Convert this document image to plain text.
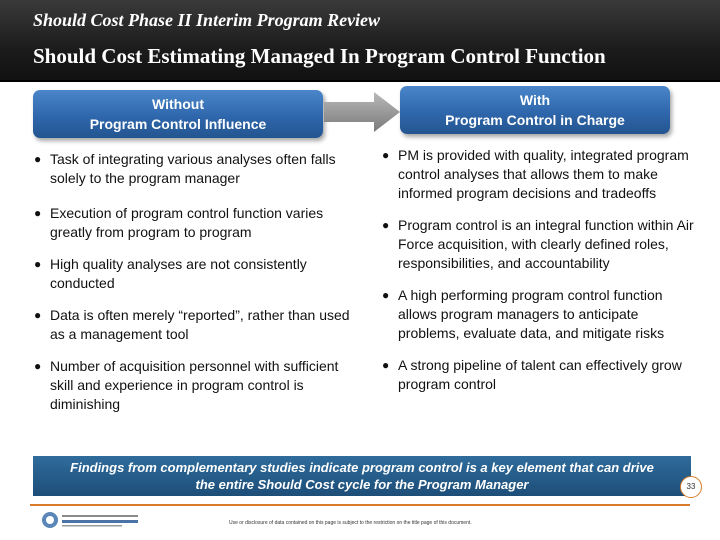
Should Cost Phase II Interim Program Review
Should Cost Estimating Managed In Program Control Function
Without
Program Control Influence
With
Program Control in Charge
● Task of integrating various analyses often falls solely to the program manager
● Execution of program control function varies greatly from program to program
● High quality analyses are not consistently conducted
● Data is often merely “reported”, rather than used as a management tool
● Number of acquisition personnel with sufficient skill and experience in program control is diminishing
● PM is provided with quality, integrated program control analyses that allows them to make informed program decisions and tradeoffs
● Program control is an integral function within Air Force acquisition, with clearly defined roles, responsibilities, and accountability
● A high performing program control function allows program managers to anticipate problems, evaluate data, and mitigate risks
● A strong pipeline of talent can effectively grow program control
Findings from complementary studies indicate program control is a key element that can drive
the entire Should Cost cycle for the Program Manager	33
Use or disclosure of data contained on this page is subject to the restriction on the title page of this document.
